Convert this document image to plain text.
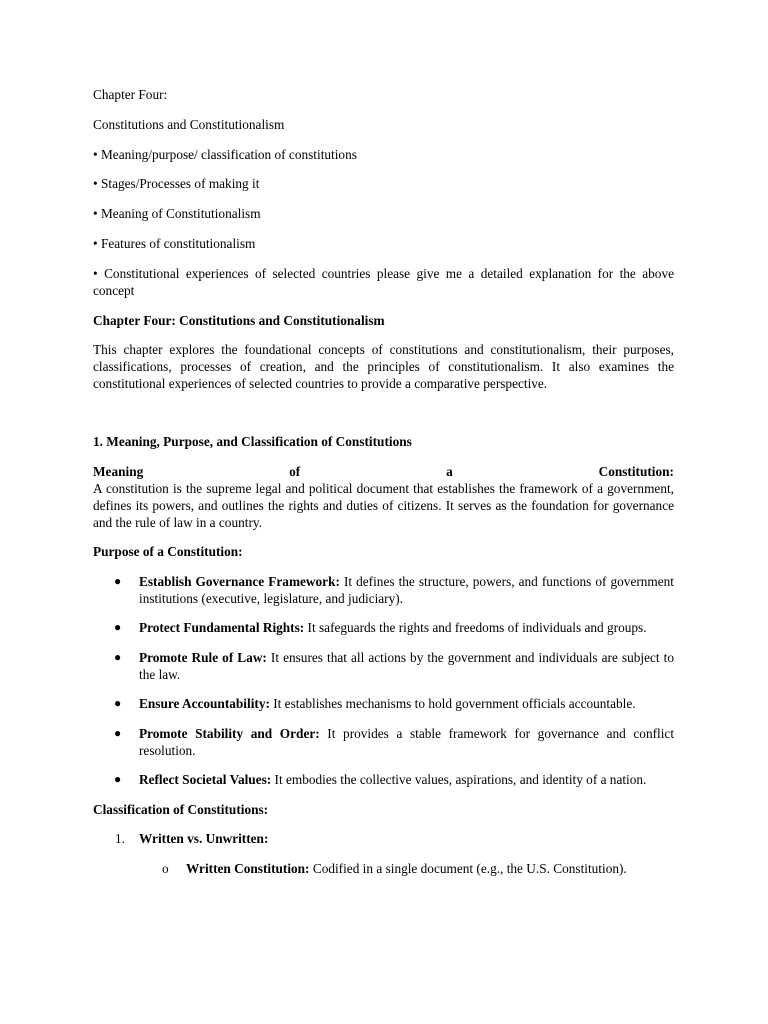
Chapter Four:

Constitutions and Constitutionalism

• Meaning/purpose/ classification of constitutions

• Stages/Processes of making it

• Meaning of Constitutionalism

• Features of constitutionalism

• Constitutional experiences of selected countries please give me a detailed explanation for the above concept

Chapter Four: Constitutions and Constitutionalism

This chapter explores the foundational concepts of constitutions and constitutionalism, their purposes, classifications, processes of creation, and the principles of constitutionalism. It also examines the constitutional experiences of selected countries to provide a comparative perspective.

1. Meaning, Purpose, and Classification of Constitutions

Meaning	of	a	Constitution:

A constitution is the supreme legal and political document that establishes the framework of a government, defines its powers, and outlines the rights and duties of citizens. It serves as the foundation for governance and the rule of law in a country.

Purpose of a Constitution:

● Establish Governance Framework: It defines the structure, powers, and functions of government institutions (executive, legislature, and judiciary).
● Protect Fundamental Rights: It safeguards the rights and freedoms of individuals and groups.
● Promote Rule of Law: It ensures that all actions by the government and individuals are subject to the law.
● Ensure Accountability: It establishes mechanisms to hold government officials accountable.
● Promote Stability and Order: It provides a stable framework for governance and conflict resolution.
● Reflect Societal Values: It embodies the collective values, aspirations, and identity of a nation.

Classification of Constitutions:

1. Written vs. Unwritten:
o Written Constitution: Codified in a single document (e.g., the U.S. Constitution).
